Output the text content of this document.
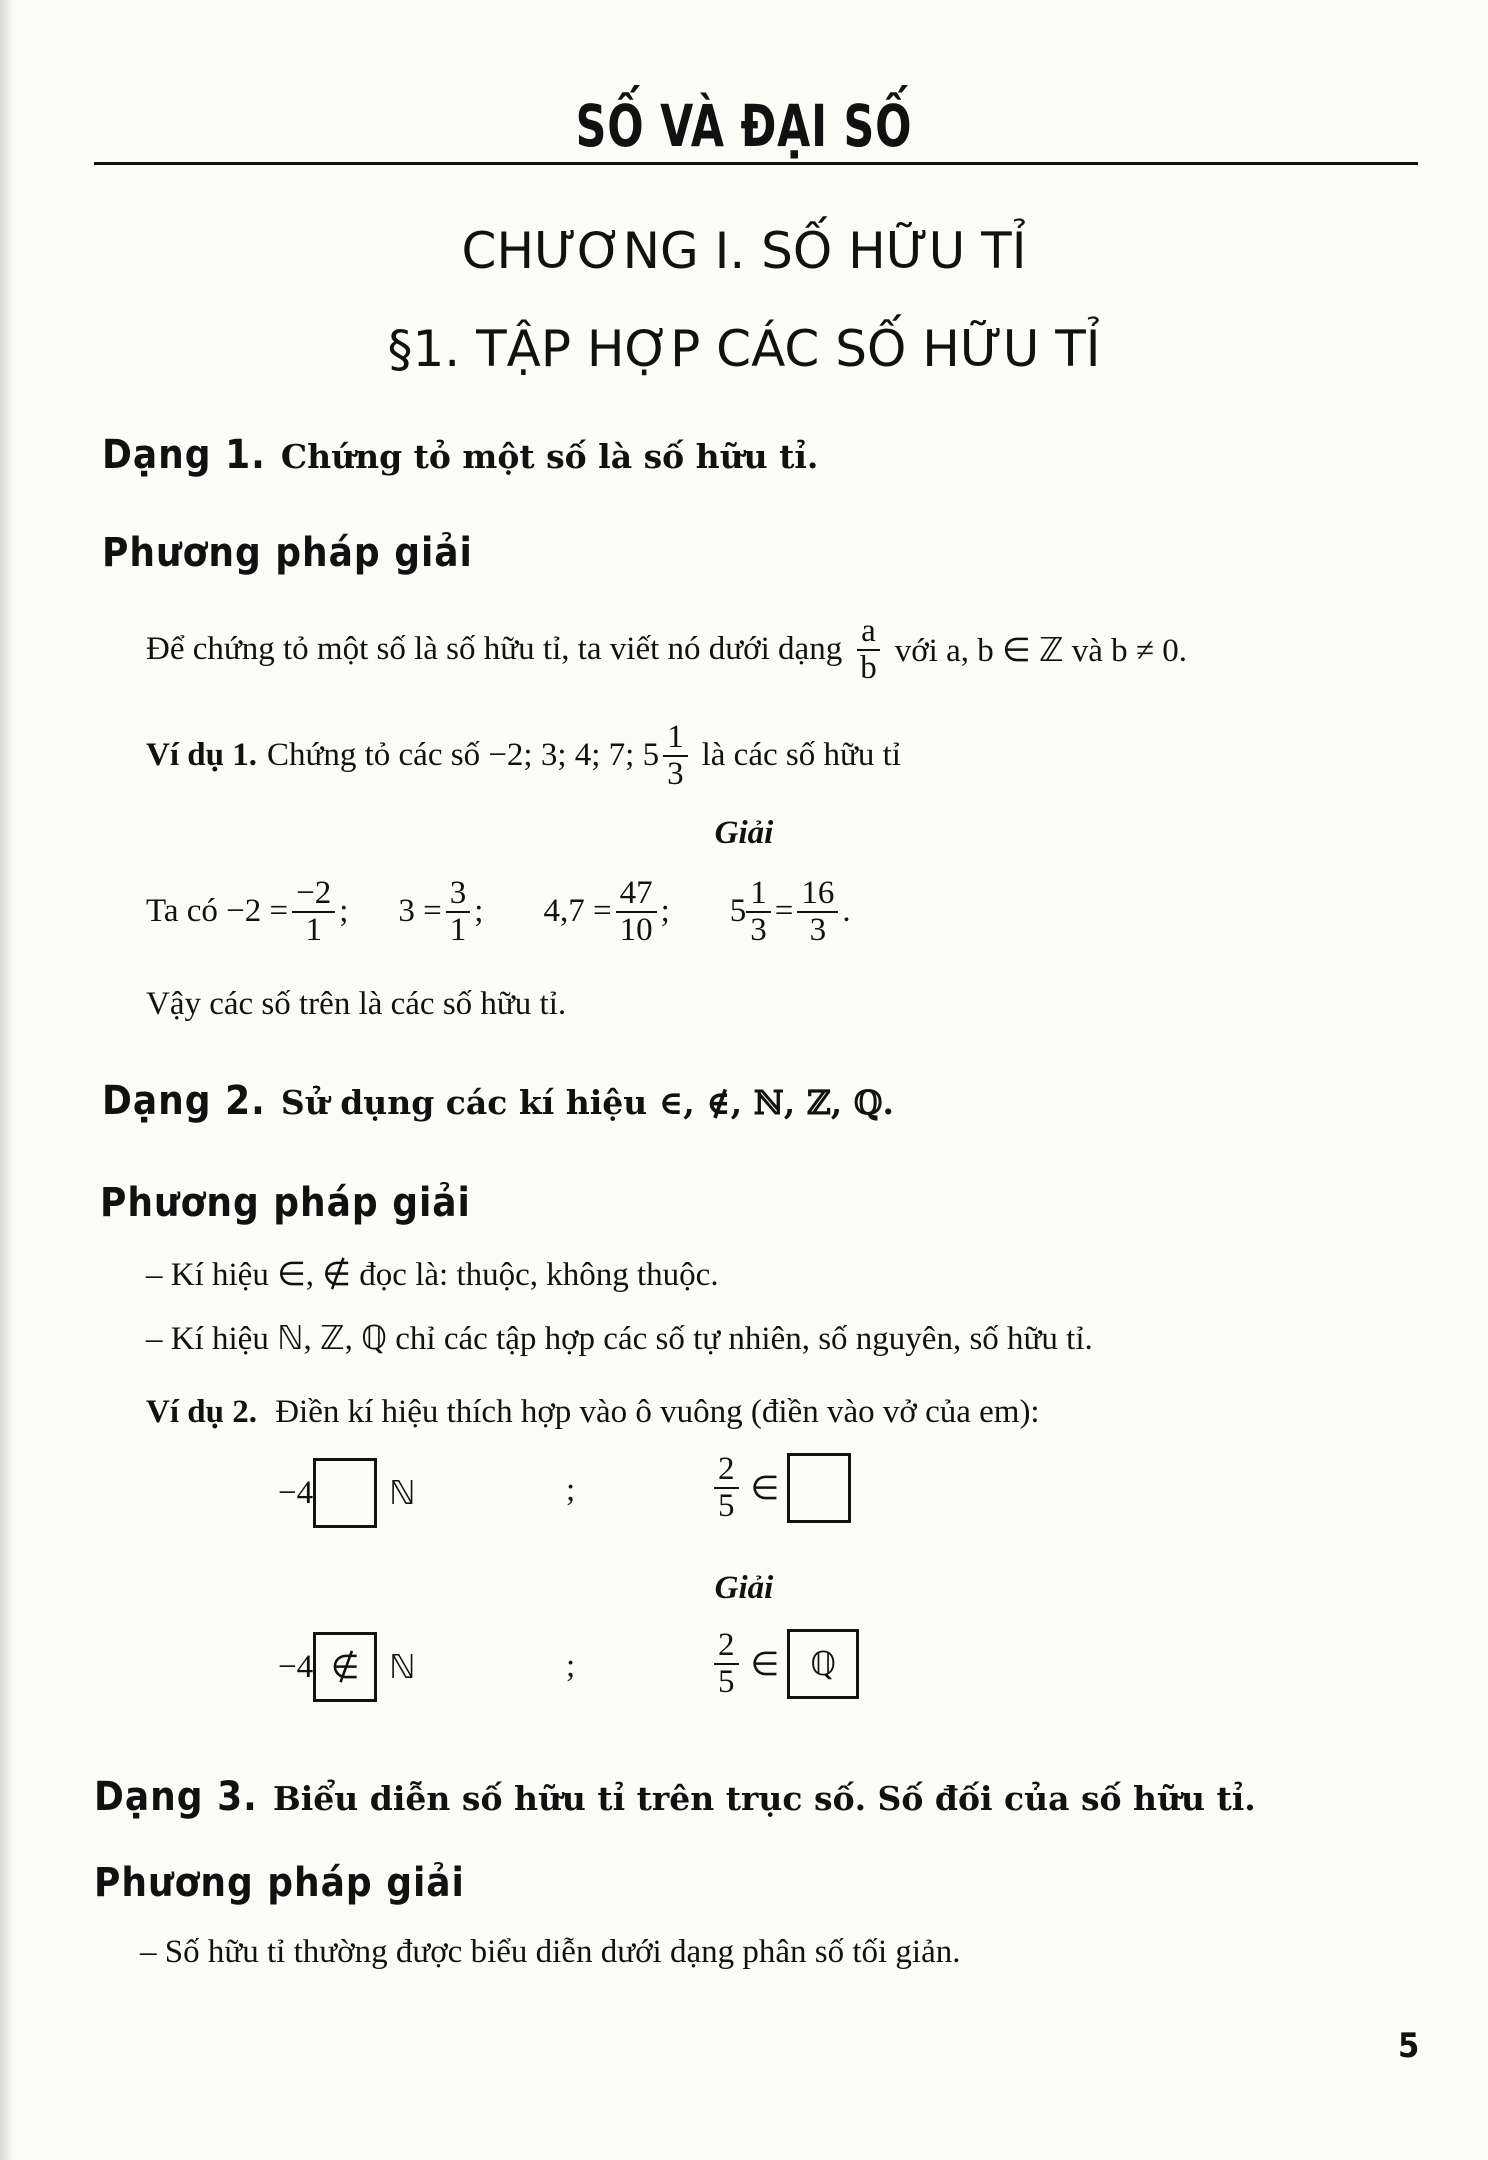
SỐ VÀ ĐẠI SỐ
CHƯƠNG I. SỐ HỮU TỈ
§1. TẬP HỢP CÁC SỐ HỮU TỈ
Dạng 1. Chứng tỏ một số là số hữu tỉ.
Phương pháp giải
Để chứng tỏ một số là số hữu tỉ, ta viết nó dưới dạng $\frac{a}{b}$ với a, b ∈ ℤ và b ≠ 0.
Ví dụ 1. Chứng tỏ các số −2; 3; 4; 7; $5 \frac{1}{3}$ là các số hữu tỉ
Giải
Ta có $-2 = \frac{-2}{1}$ ; $3 = \frac{3}{1}$ ; $4,7 = \frac{47}{10}$ ; $5 \frac{1}{3} = \frac{16}{3}$ .
Vậy các số trên là các số hữu tỉ.
Dạng 2. Sử dụng các kí hiệu ∈, ∉, ℕ, ℤ, ℚ.
Phương pháp giải
– Kí hiệu ∈, ∉ đọc là: thuộc, không thuộc.
– Kí hiệu ℕ, ℤ, ℚ chỉ các tập hợp các số tự nhiên, số nguyên, số hữu tỉ.
Ví dụ 2. Điền kí hiệu thích hợp vào ô vuông (điền vào vở của em):
−4 ℕ	;	$\frac{2}{5}$ ∈
Giải
−4 ∉ ℕ	;	$\frac{2}{5}$ ∈ ℚ
Dạng 3. Biểu diễn số hữu tỉ trên trục số. Số đối của số hữu tỉ.
Phương pháp giải
– Số hữu tỉ thường được biểu diễn dưới dạng phân số tối giản.
5
